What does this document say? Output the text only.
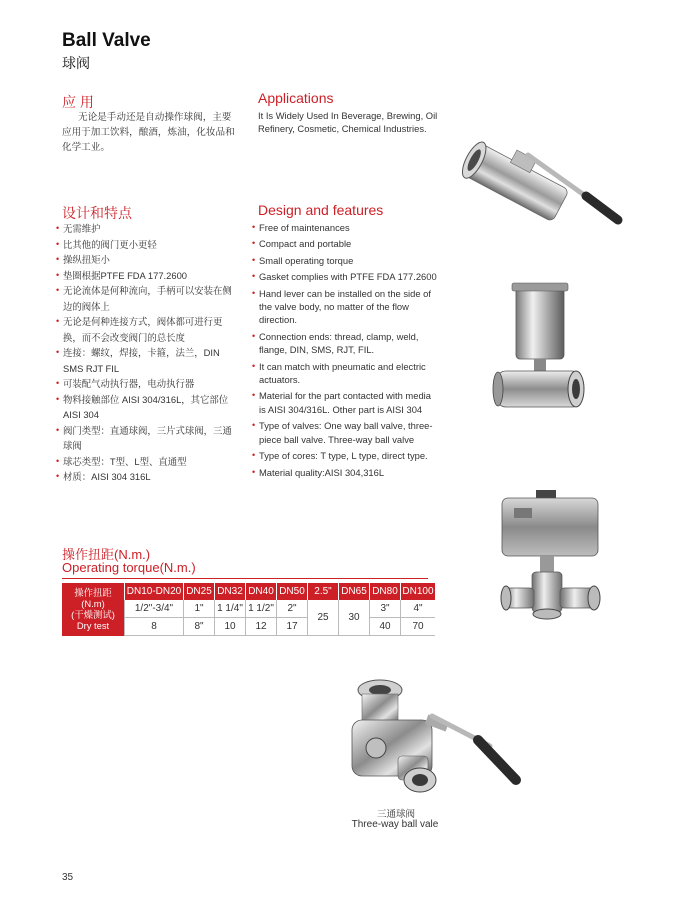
Ball Valve
球阀
应 用
无论是手动还是自动操作球阀，主要应用于加工饮料，酿酒，炼油，化妆品和化学工业。
Applications
It Is Widely Used In Beverage, Brewing, Oil Refinery, Cosmetic, Chemical Industries.
设计和特点
• 无需维护
• 比其他的阀门更小更轻
• 操纵扭矩小
• 垫圈根据PTFE FDA 177.2600
• 无论流体是何种流向，手柄可以安装在侧边的阀体上
• 无论是何种连接方式，阀体都可进行更换，而不会改变阀门的总长度
• 连接：螺纹，焊接，卡箍，法兰，DIN SMS RJT FIL
• 可装配气动执行器，电动执行器
• 物料接触部位 AISI 304/316L，其它部位 AISI 304
• 阀门类型：直通球阀，三片式球阀，三通球阀
• 球芯类型：T型、L型、直通型
• 材质：AISI 304 316L
Design and features
• Free of maintenances
• Compact and portable
• Small operating torque
• Gasket complies with PTFE FDA 177.2600
• Hand lever can be installed on the side of the valve body, no matter of the flow direction.
• Connection ends: thread, clamp, weld, flange, DIN, SMS, RJT, FIL.
• It can match with pneumatic and electric actuators.
• Material for the part contacted with media is AISI 304/316L. Other part is AISI 304
• Type of valves: One way ball valve, three-piece ball valve. Three-way ball valve
• Type of cores: T type, L type, direct type.
• Material quality:AISI 304,316L
操作扭距(N.m.)
Operating torque(N.m.)
操作扭距
(N.m)
(干燥测试)
Dry test	DN10-DN20	DN25	DN32	DN40	DN50	2.5"	DN65	DN80	DN100
	1/2"-3/4"	1"	1 1/4"	1 1/2"	2"	25	30	3"	4"
	8	8"	10	12	17			40	70
三通球阀
Three-way ball vale
35
